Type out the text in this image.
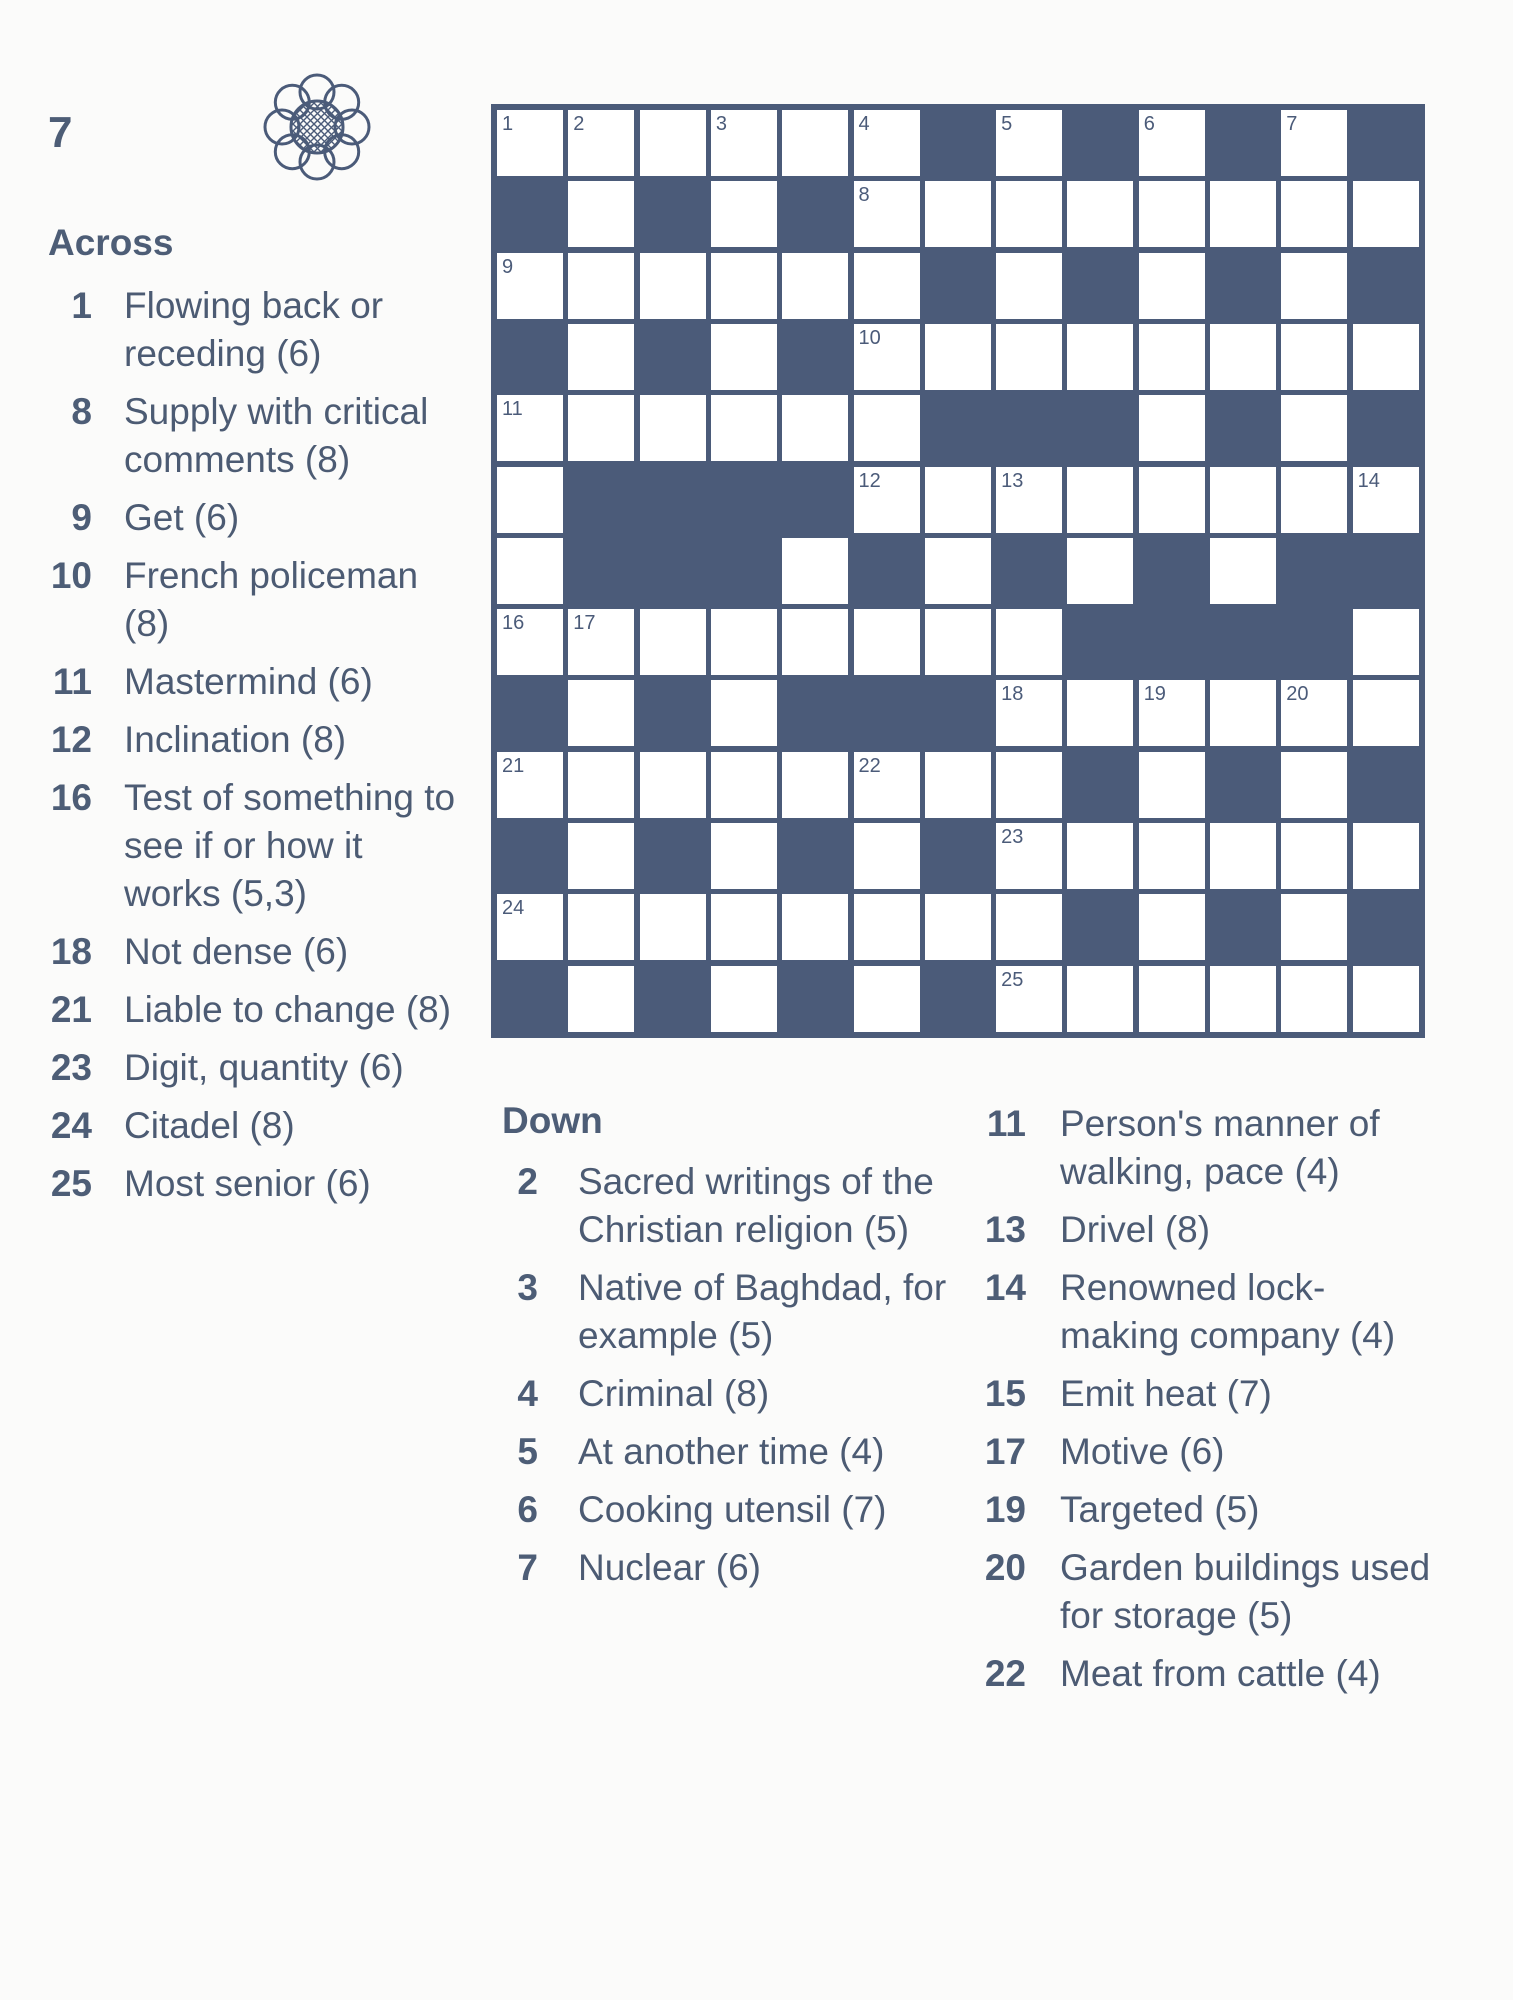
7
Across
1 Flowing back or receding (6)
8 Supply with critical comments (8)
9 Get (6)
10 French policeman (8)
11 Mastermind (6)
12 Inclination (8)
16 Test of something to see if or how it works (5,3)
18 Not dense (6)
21 Liable to change (8)
23 Digit, quantity (6)
24 Citadel (8)
25 Most senior (6)
1	2	3	4	5	6	7
8
9
10
11
12	13	14
16 17
18	19	20
21	22
23
24
25
Down
2 Sacred writings of the Christian religion (5)
3 Native of Baghdad, for example (5)
4 Criminal (8)
5 At another time (4)
6 Cooking utensil (7)
7 Nuclear (6)
11 Person's manner of walking, pace (4)
13 Drivel (8)
14 Renowned lock-making company (4)
15 Emit heat (7)
17 Motive (6)
19 Targeted (5)
20 Garden buildings used for storage (5)
22 Meat from cattle (4)
